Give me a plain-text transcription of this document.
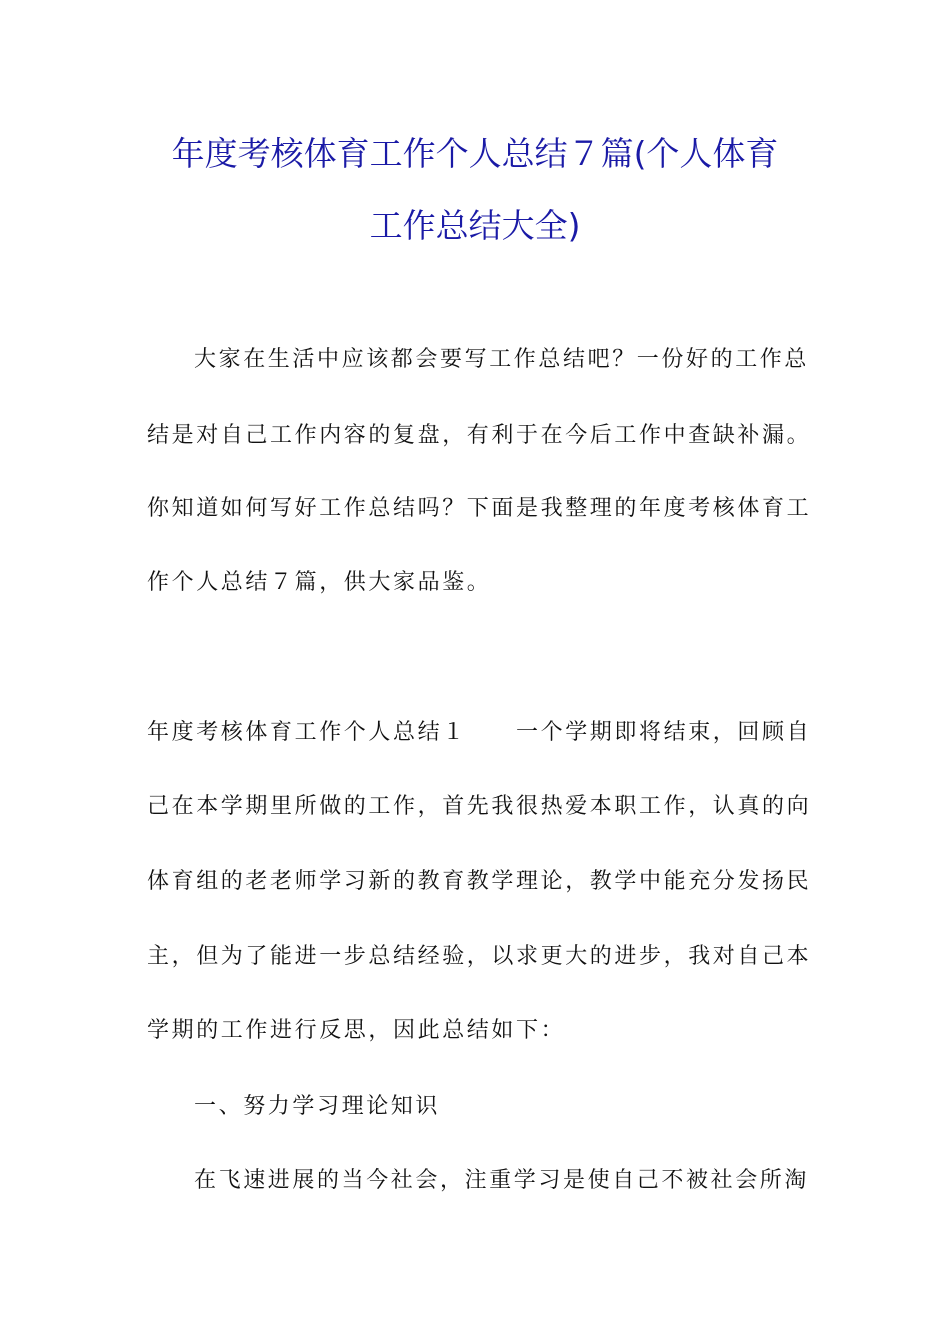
年度考核体育工作个人总结７篇(个人体育
工作总结大全)
大家在生活中应该都会要写工作总结吧？一份好的工作总
结是对自己工作内容的复盘，有利于在今后工作中查缺补漏。
你知道如何写好工作总结吗？下面是我整理的年度考核体育工
作个人总结７篇，供大家品鉴。
年度考核体育工作个人总结１　　一个学期即将结束，回顾自
己在本学期里所做的工作，首先我很热爱本职工作，认真的向
体育组的老老师学习新的教育教学理论，教学中能充分发扬民
主，但为了能进一步总结经验，以求更大的进步，我对自己本
学期的工作进行反思，因此总结如下：
一、努力学习理论知识
在飞速进展的当今社会，注重学习是使自己不被社会所淘
